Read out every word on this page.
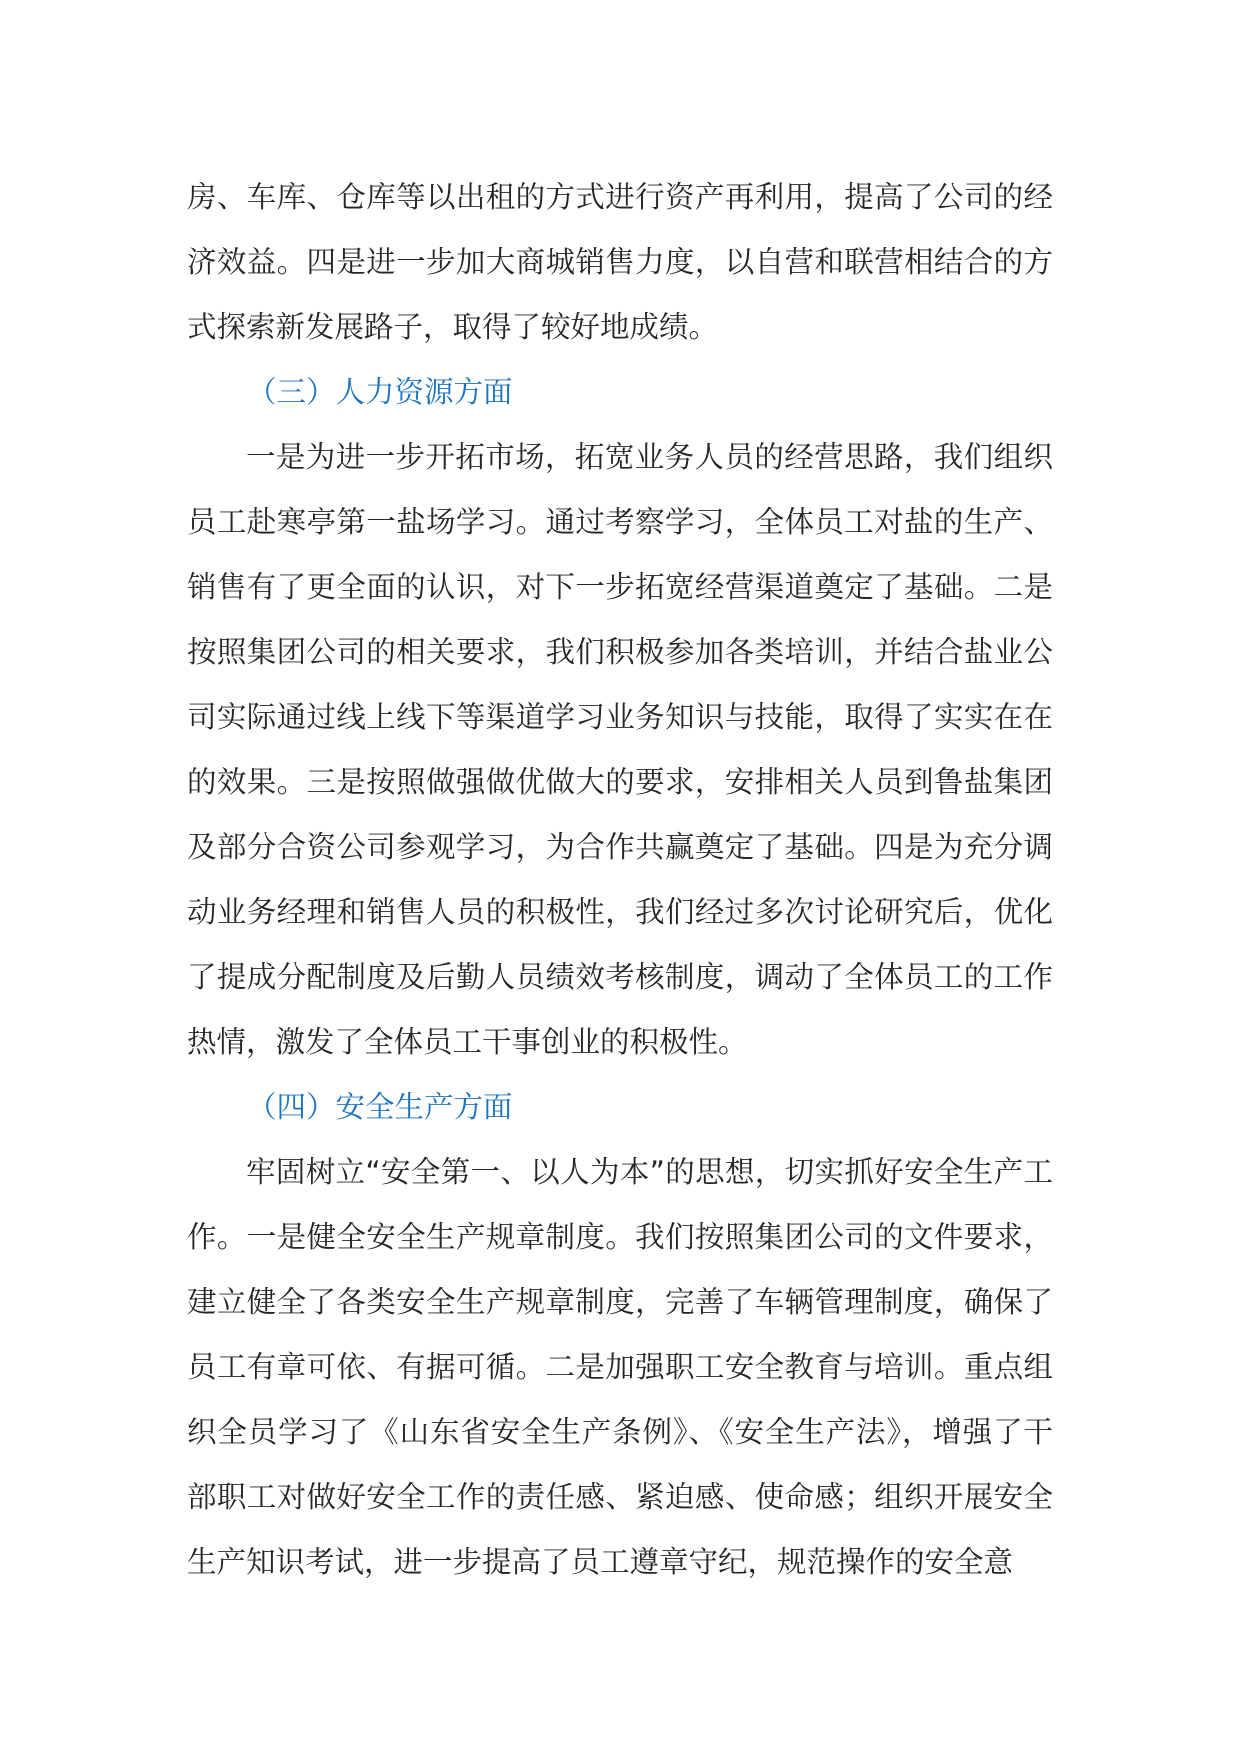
房、车库、仓库等以出租的方式进行资产再利用，提高了公司的经济效益。四是进一步加大商城销售力度，以自营和联营相结合的方式探索新发展路子，取得了较好地成绩。

（三）人力资源方面

一是为进一步开拓市场，拓宽业务人员的经营思路，我们组织员工赴寒亭第一盐场学习。通过考察学习，全体员工对盐的生产、销售有了更全面的认识，对下一步拓宽经营渠道奠定了基础。二是按照集团公司的相关要求，我们积极参加各类培训，并结合盐业公司实际通过线上线下等渠道学习业务知识与技能，取得了实实在在的效果。三是按照做强做优做大的要求，安排相关人员到鲁盐集团及部分合资公司参观学习，为合作共赢奠定了基础。四是为充分调动业务经理和销售人员的积极性，我们经过多次讨论研究后，优化了提成分配制度及后勤人员绩效考核制度，调动了全体员工的工作热情，激发了全体员工干事创业的积极性。

（四）安全生产方面

牢固树立“安全第一、以人为本”的思想，切实抓好安全生产工作。一是健全安全生产规章制度。我们按照集团公司的文件要求，建立健全了各类安全生产规章制度，完善了车辆管理制度，确保了员工有章可依、有据可循。二是加强职工安全教育与培训。重点组织全员学习了《山东省安全生产条例》、《安全生产法》，增强了干部职工对做好安全工作的责任感、紧迫感、使命感；组织开展安全生产知识考试，进一步提高了员工遵章守纪，规范操作的安全意
